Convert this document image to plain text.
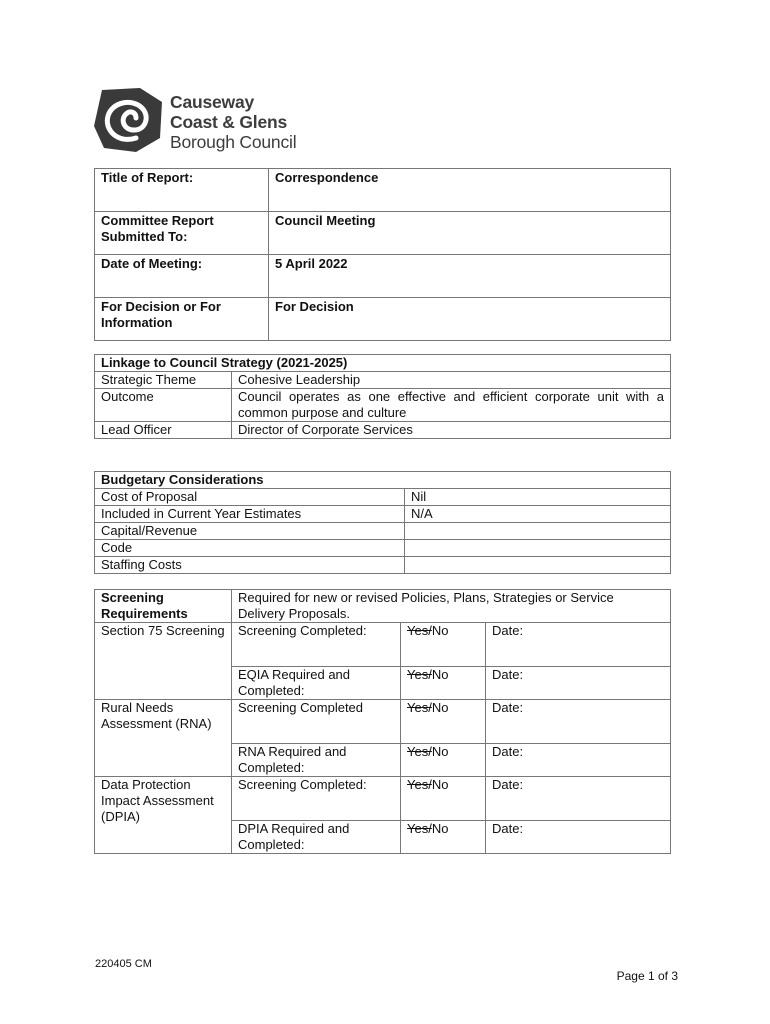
Causeway
Coast & Glens
Borough Council
Title of Report:	Correspondence
Committee Report Submitted To:	Council Meeting
Date of Meeting:	5 April 2022
For Decision or For Information	For Decision
Linkage to Council Strategy (2021-2025)	
Strategic Theme	Cohesive Leadership
Outcome	Council operates as one effective and efficient corporate unit with a common purpose and culture
Lead Officer	Director of Corporate Services
Budgetary Considerations	
Cost of Proposal	Nil
Included in Current Year Estimates	N/A
Capital/Revenue	
Code	
Staffing Costs	
Screening Requirements	Required for new or revised Policies, Plans, Strategies or Service Delivery Proposals.		
Section 75 Screening	Screening Completed:	Yes/No	Date:
	EQIA Required and Completed:	Yes/No	Date:
Rural Needs Assessment (RNA)	Screening Completed	Yes/No	Date:
	RNA Required and Completed:	Yes/No	Date:
Data Protection Impact Assessment (DPIA)	Screening Completed:	Yes/No	Date:
	DPIA Required and Completed:	Yes/No	Date:
220405 CM
Page 1 of 3
